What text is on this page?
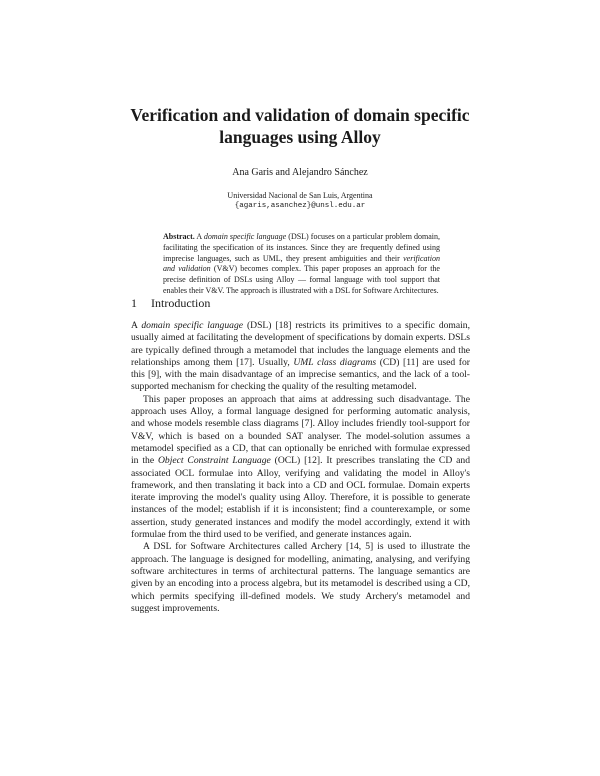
Verification and validation of domain specific languages using Alloy
Ana Garis and Alejandro Sánchez
Universidad Nacional de San Luis, Argentina
{agaris,asanchez}@unsl.edu.ar
Abstract. A domain specific language (DSL) focuses on a particular problem domain, facilitating the specification of its instances. Since they are frequently defined using imprecise languages, such as UML, they present ambiguities and their verification and validation (V&V) becomes complex. This paper proposes an approach for the precise definition of DSLs using Alloy — formal language with tool support that enables their V&V. The approach is illustrated with a DSL for Software Architectures.
1 Introduction

A domain specific language (DSL) [18] restricts its primitives to a specific domain, usually aimed at facilitating the development of specifications by domain experts. DSLs are typically defined through a metamodel that includes the language elements and the relationships among them [17]. Usually, UML class diagrams (CD) [11] are used for this [9], with the main disadvantage of an imprecise semantics, and the lack of a tool-supported mechanism for checking the quality of the resulting metamodel.

This paper proposes an approach that aims at addressing such disadvantage. The approach uses Alloy, a formal language designed for performing automatic analysis, and whose models resemble class diagrams [7]. Alloy includes friendly tool-support for V&V, which is based on a bounded SAT analyser. The model-solution assumes a metamodel specified as a CD, that can optionally be enriched with formulae expressed in the Object Constraint Language (OCL) [12]. It prescribes translating the CD and associated OCL formulae into Alloy, verifying and validating the model in Alloy's framework, and then translating it back into a CD and OCL formulae. Domain experts iterate improving the model's quality using Alloy. Therefore, it is possible to generate instances of the model; establish if it is inconsistent; find a counterexample, or some assertion, study generated instances and modify the model accordingly, extend it with formulae from the third used to be verified, and generate instances again.

A DSL for Software Architectures called Archery [14, 5] is used to illustrate the approach. The language is designed for modelling, animating, analysing, and verifying software architectures in terms of architectural patterns. The language semantics are given by an encoding into a process algebra, but its metamodel is described using a CD, which permits specifying ill-defined models. We study Archery's metamodel and suggest improvements.
